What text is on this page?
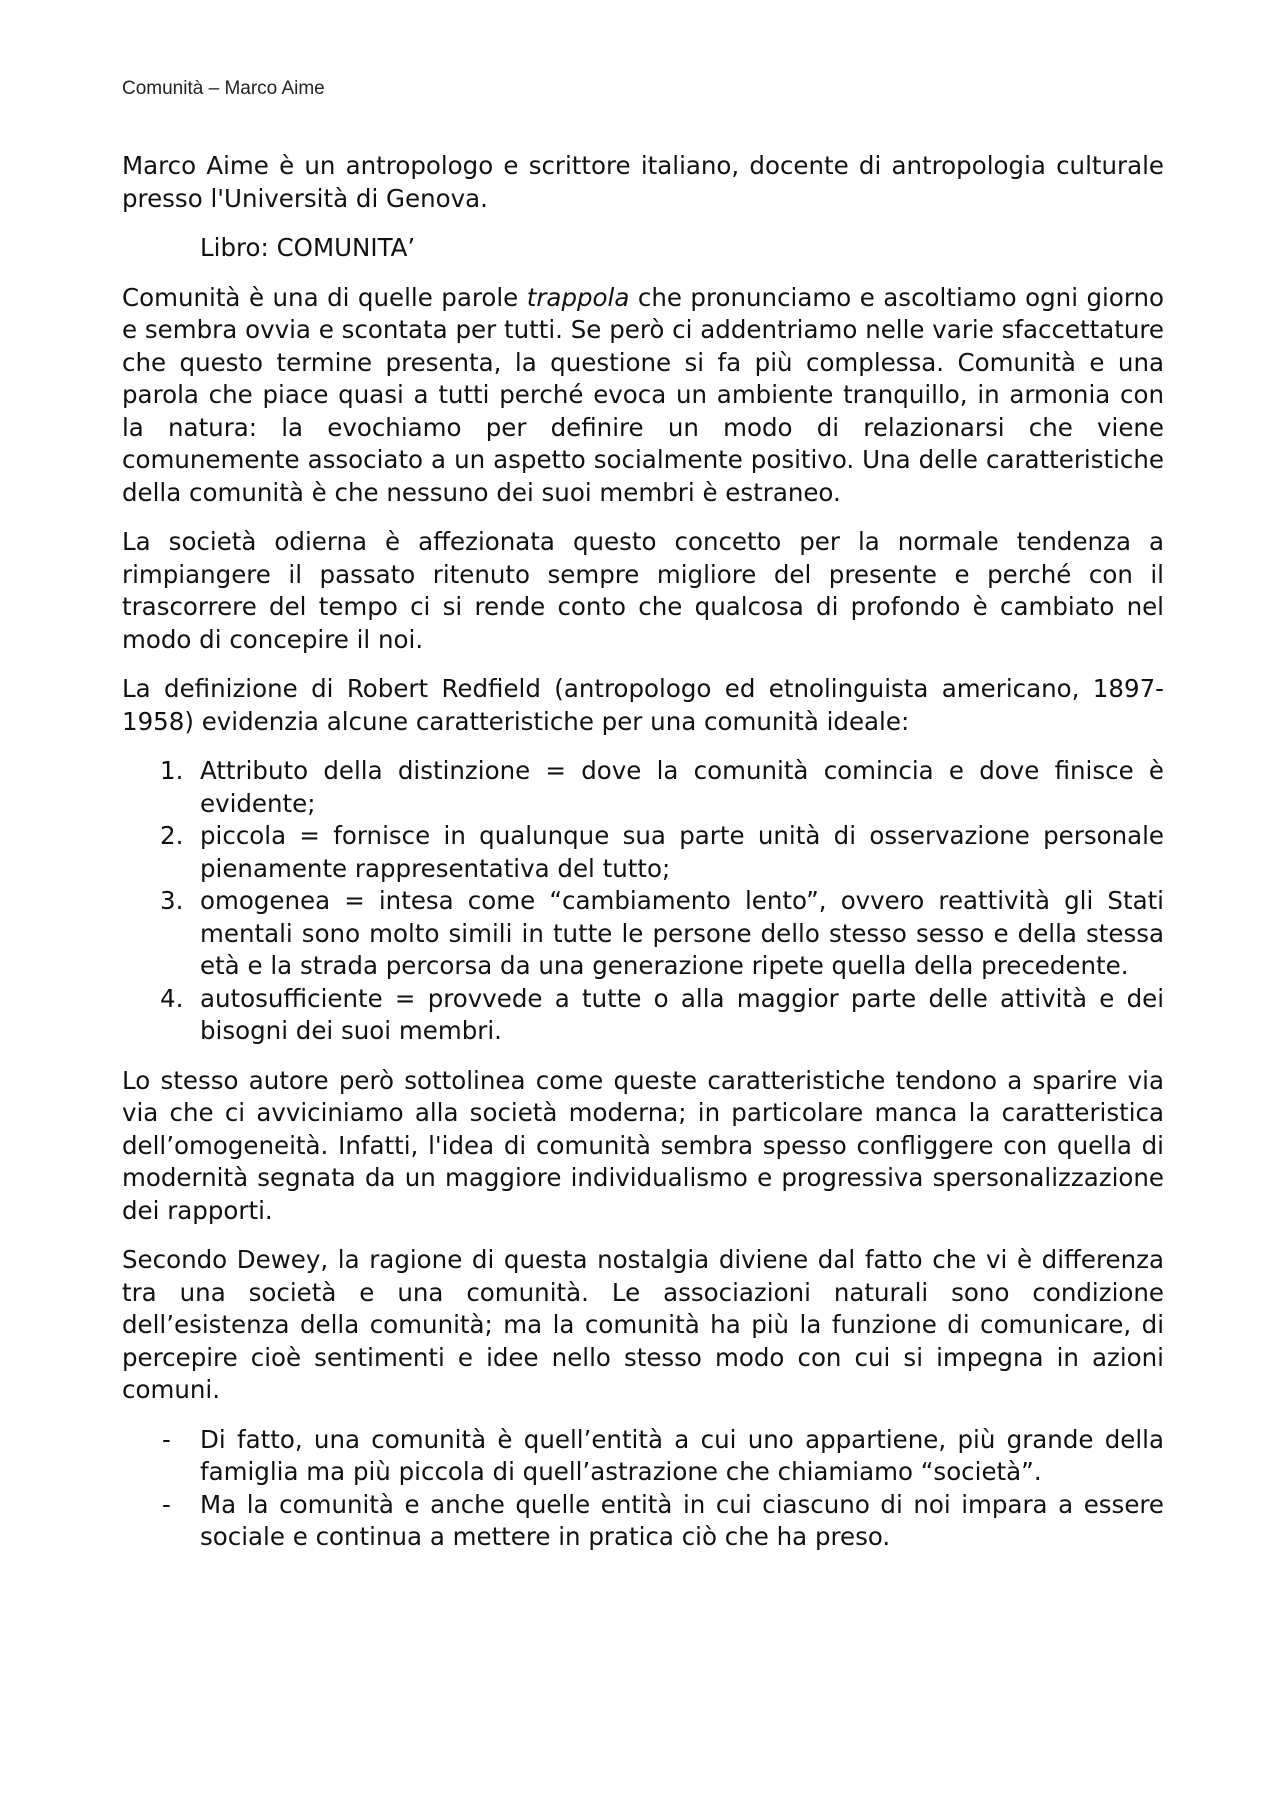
Comunità – Marco Aime

Marco Aime è un antropologo e scrittore italiano, docente di antropologia culturale presso l'Università di Genova.

Libro: COMUNITA’

Comunità è una di quelle parole trappola che pronunciamo e ascoltiamo ogni giorno e sembra ovvia e scontata per tutti. Se però ci addentriamo nelle varie sfaccettature che questo termine presenta, la questione si fa più complessa. Comunità e una parola che piace quasi a tutti perché evoca un ambiente tranquillo, in armonia con la natura: la evochiamo per definire un modo di relazionarsi che viene comunemente associato a un aspetto socialmente positivo. Una delle caratteristiche della comunità è che nessuno dei suoi membri è estraneo.

La società odierna è affezionata questo concetto per la normale tendenza a rimpiangere il passato ritenuto sempre migliore del presente e perché con il trascorrere del tempo ci si rende conto che qualcosa di profondo è cambiato nel modo di concepire il noi.

La definizione di Robert Redfield (antropologo ed etnolinguista americano, 1897-1958) evidenzia alcune caratteristiche per una comunità ideale:

1. Attributo della distinzione = dove la comunità comincia e dove finisce è evidente;
2. piccola = fornisce in qualunque sua parte unità di osservazione personale pienamente rappresentativa del tutto;
3. omogenea = intesa come “cambiamento lento”, ovvero reattività gli Stati mentali sono molto simili in tutte le persone dello stesso sesso e della stessa età e la strada percorsa da una generazione ripete quella della precedente.
4. autosufficiente = provvede a tutte o alla maggior parte delle attività e dei bisogni dei suoi membri.

Lo stesso autore però sottolinea come queste caratteristiche tendono a sparire via via che ci avviciniamo alla società moderna; in particolare manca la caratteristica dell’omogeneità. Infatti, l'idea di comunità sembra spesso confliggere con quella di modernità segnata da un maggiore individualismo e progressiva spersonalizzazione dei rapporti.

Secondo Dewey, la ragione di questa nostalgia diviene dal fatto che vi è differenza tra una società e una comunità. Le associazioni naturali sono condizione dell’esistenza della comunità; ma la comunità ha più la funzione di comunicare, di percepire cioè sentimenti e idee nello stesso modo con cui si impegna in azioni comuni.

- Di fatto, una comunità è quell’entità a cui uno appartiene, più grande della famiglia ma più piccola di quell’astrazione che chiamiamo “società”.
- Ma la comunità e anche quelle entità in cui ciascuno di noi impara a essere sociale e continua a mettere in pratica ciò che ha preso.
